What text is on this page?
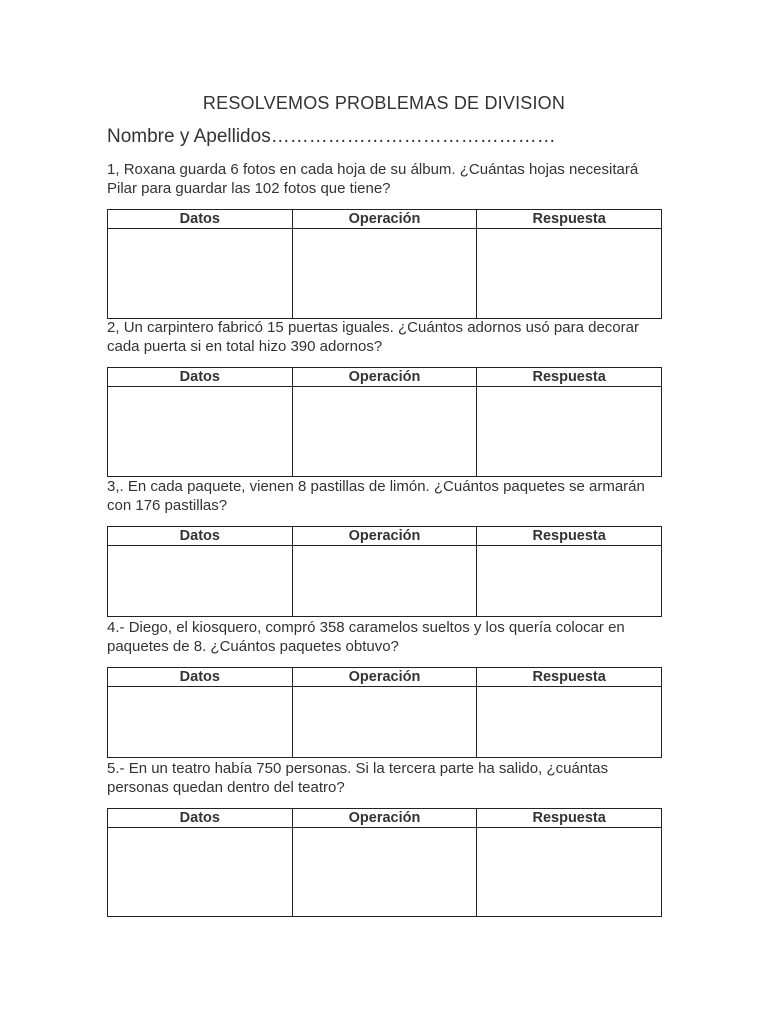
RESOLVEMOS PROBLEMAS DE DIVISION
Nombre y Apellidos………………………………………
1, Roxana guarda 6 fotos en cada hoja de su álbum. ¿Cuántas hojas necesitará Pilar para guardar las 102 fotos que tiene?
Datos	Operación	Respuesta

2, Un carpintero fabricó 15 puertas iguales. ¿Cuántos adornos usó para decorar cada puerta si en total hizo 390 adornos?
Datos	Operación	Respuesta

3,. En cada paquete, vienen 8 pastillas de limón. ¿Cuántos paquetes se armarán con 176 pastillas?
Datos	Operación	Respuesta

4.- Diego, el kiosquero, compró 358 caramelos sueltos y los quería colocar en paquetes de 8. ¿Cuántos paquetes obtuvo?
Datos	Operación	Respuesta

5.- En un teatro había 750 personas. Si la tercera parte ha salido, ¿cuántas personas quedan dentro del teatro?
Datos	Operación	Respuesta
